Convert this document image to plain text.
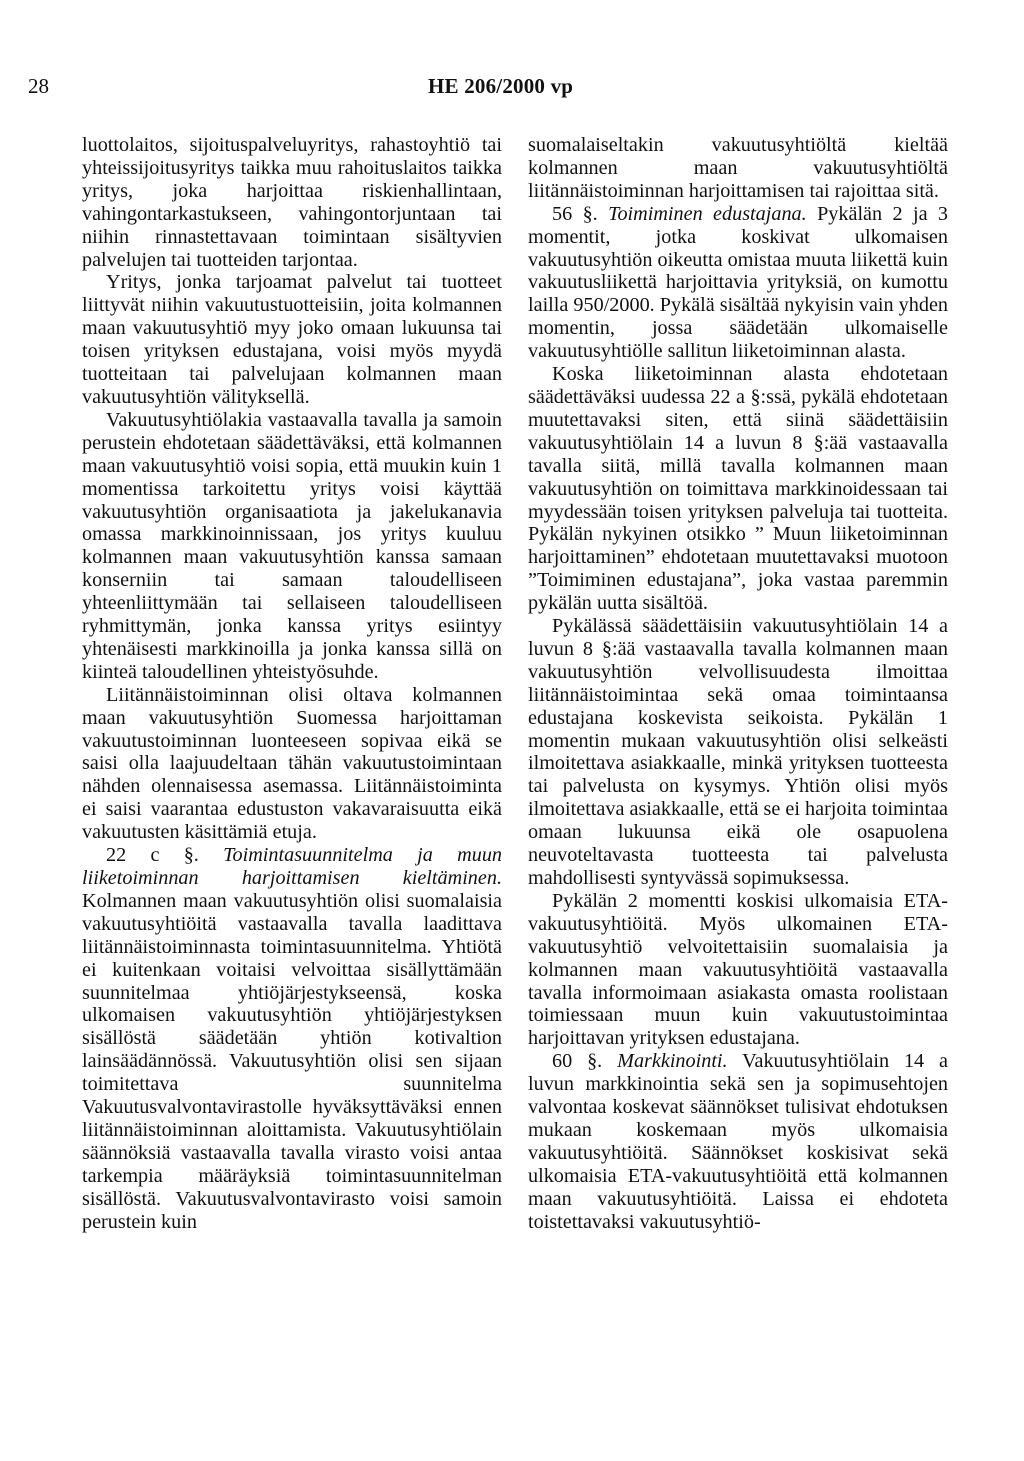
28	HE 206/2000 vp

luottolaitos, sijoituspalveluyritys, rahastoyhtiö tai yhteissijoitusyritys taikka muu rahoituslaitos taikka yritys, joka harjoittaa riskienhallintaan, vahingontarkastukseen, vahingontorjuntaan tai niihin rinnastettavaan toimintaan sisältyvien palvelujen tai tuotteiden tarjontaa.

Yritys, jonka tarjoamat palvelut tai tuotteet liittyvät niihin vakuutustuotteisiin, joita kolmannen maan vakuutusyhtiö myy joko omaan lukuunsa tai toisen yrityksen edustajana, voisi myös myydä tuotteitaan tai palvelujaan kolmannen maan vakuutusyhtiön välityksellä.

Vakuutusyhtiölakia vastaavalla tavalla ja samoin perustein ehdotetaan säädettäväksi, että kolmannen maan vakuutusyhtiö voisi sopia, että muukin kuin 1 momentissa tarkoitettu yritys voisi käyttää vakuutusyhtiön organisaatiota ja jakelukanavia omassa markkinoinnissaan, jos yritys kuuluu kolmannen maan vakuutusyhtiön kanssa samaan konserniin tai samaan taloudelliseen yhteenliittymään tai sellaiseen taloudelliseen ryhmittymän, jonka kanssa yritys esiintyy yhtenäisesti markkinoilla ja jonka kanssa sillä on kiinteä taloudellinen yhteistyösuhde.

Liitännäistoiminnan olisi oltava kolmannen maan vakuutusyhtiön Suomessa harjoittaman vakuutustoiminnan luonteeseen sopivaa eikä se saisi olla laajuudeltaan tähän vakuutustoimintaan nähden olennaisessa asemassa. Liitännäistoiminta ei saisi vaarantaa edustuston vakavaraisuutta eikä vakuutusten käsittämiä etuja.

22 c §. Toimintasuunnitelma ja muun liiketoiminnan harjoittamisen kieltäminen. Kolmannen maan vakuutusyhtiön olisi suomalaisia vakuutusyhtiöitä vastaavalla tavalla laadittava liitännäistoiminnasta toimintasuunnitelma. Yhtiötä ei kuitenkaan voitaisi velvoittaa sisällyttämään suunnitelmaa yhtiöjärjestykseensä, koska ulkomaisen vakuutusyhtiön yhtiöjärjestyksen sisällöstä säädetään yhtiön kotivaltion lainsäädännössä. Vakuutusyhtiön olisi sen sijaan toimitettava suunnitelma Vakuutusvalvontavirastolle hyväksyttäväksi ennen liitännäistoiminnan aloittamista. Vakuutusyhtiölain säännöksiä vastaavalla tavalla virasto voisi antaa tarkempia määräyksiä toimintasuunnitelman sisällöstä. Vakuutusvalvontavirasto voisi samoin perustein kuin

suomalaiseltakin vakuutusyhtiöltä kieltää kolmannen maan vakuutusyhtiöltä liitännäistoiminnan harjoittamisen tai rajoittaa sitä.

56 §. Toimiminen edustajana. Pykälän 2 ja 3 momentit, jotka koskivat ulkomaisen vakuutusyhtiön oikeutta omistaa muuta liikettä kuin vakuutusliikettä harjoittavia yrityksiä, on kumottu lailla 950/2000. Pykälä sisältää nykyisin vain yhden momentin, jossa säädetään ulkomaiselle vakuutusyhtiölle sallitun liiketoiminnan alasta.

Koska liiketoiminnan alasta ehdotetaan säädettäväksi uudessa 22 a §:ssä, pykälä ehdotetaan muutettavaksi siten, että siinä säädettäisiin vakuutusyhtiölain 14 a luvun 8 §:ää vastaavalla tavalla siitä, millä tavalla kolmannen maan vakuutusyhtiön on toimittava markkinoidessaan tai myydessään toisen yrityksen palveluja tai tuotteita. Pykälän nykyinen otsikko ” Muun liiketoiminnan harjoittaminen” ehdotetaan muutettavaksi muotoon ”Toimiminen edustajana”, joka vastaa paremmin pykälän uutta sisältöä.

Pykälässä säädettäisiin vakuutusyhtiölain 14 a luvun 8 §:ää vastaavalla tavalla kolmannen maan vakuutusyhtiön velvollisuudesta ilmoittaa liitännäistoimintaa sekä omaa toimintaansa edustajana koskevista seikoista. Pykälän 1 momentin mukaan vakuutusyhtiön olisi selkeästi ilmoitettava asiakkaalle, minkä yrityksen tuotteesta tai palvelusta on kysymys. Yhtiön olisi myös ilmoitettava asiakkaalle, että se ei harjoita toimintaa omaan lukuunsa eikä ole osapuolena neuvoteltavasta tuotteesta tai palvelusta mahdollisesti syntyvässä sopimuksessa.

Pykälän 2 momentti koskisi ulkomaisia ETA-vakuutusyhtiöitä. Myös ulkomainen ETA-vakuutusyhtiö velvoitettaisiin suomalaisia ja kolmannen maan vakuutusyhtiöitä vastaavalla tavalla informoimaan asiakasta omasta roolistaan toimiessaan muun kuin vakuutustoimintaa harjoittavan yrityksen edustajana.

60 §. Markkinointi. Vakuutusyhtiölain 14 a luvun markkinointia sekä sen ja sopimusehtojen valvontaa koskevat säännökset tulisivat ehdotuksen mukaan koskemaan myös ulkomaisia vakuutusyhtiöitä. Säännökset koskisivat sekä ulkomaisia ETA-vakuutusyhtiöitä että kolmannen maan vakuutusyhtiöitä. Laissa ei ehdoteta toistettavaksi vakuutusyhtiö-
